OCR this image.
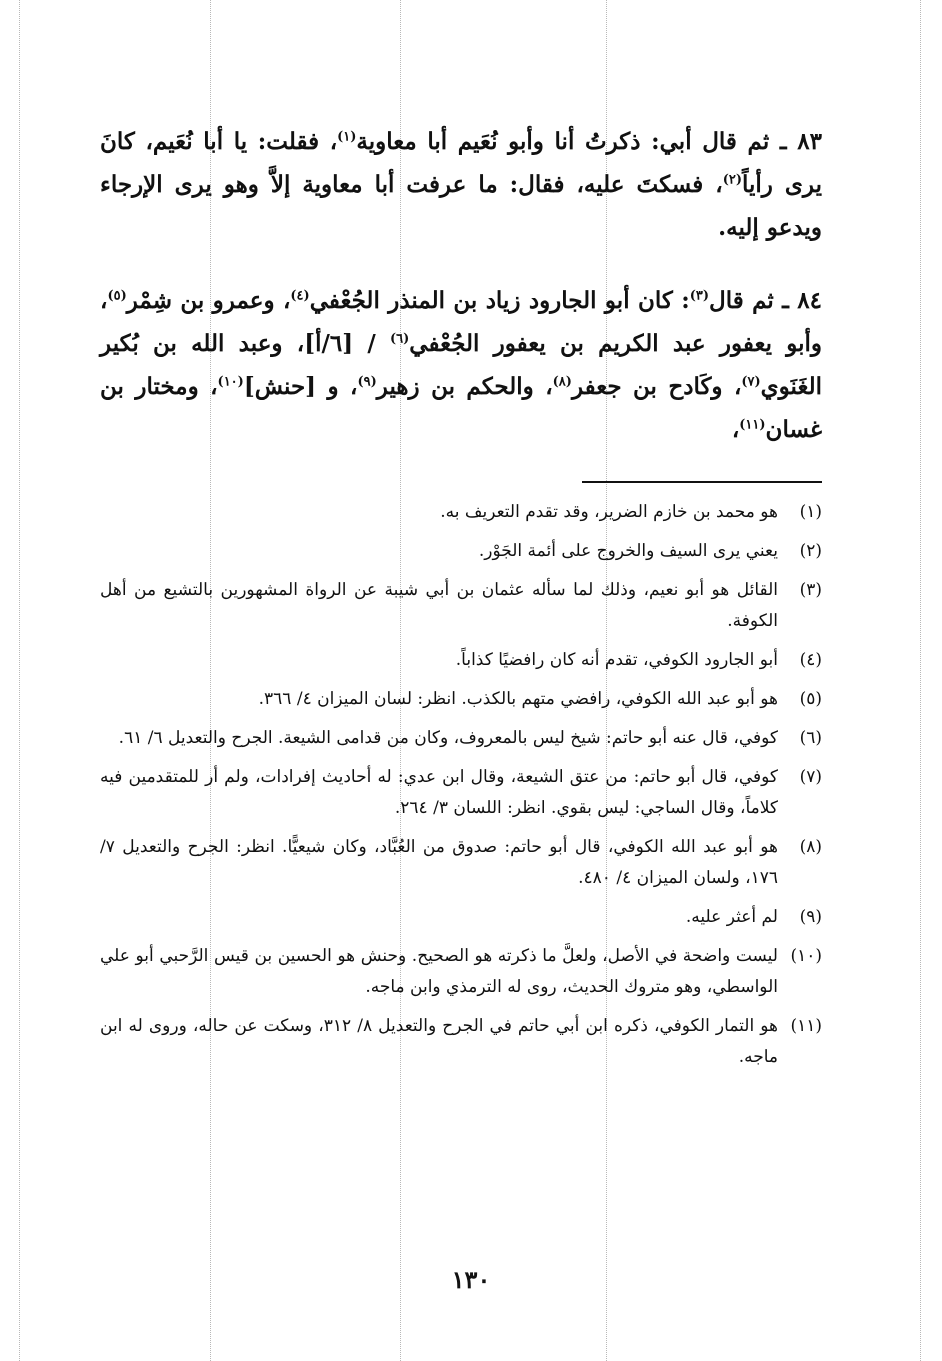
٨٣ ـ ثم قال أبي: ذكرتُ أنا وأبو نُعَيم أبا معاوية$^{(١)}$، فقلت: يا أبا نُعَيم، كانَ يرى رأياً$^{(٢)}$، فسكتَ عليه، فقال: ما عرفت أبا معاوية إلاَّ وهو يرى الإرجاء ويدعو إليه.

٨٤ ـ ثم قال$^{(٣)}$: كان أبو الجارود زياد بن المنذر الجُعْفي$^{(٤)}$، وعمرو بن شِمْر$^{(٥)}$، وأبو يعفور عبد الكريم بن يعفور الجُعْفي$^{(٦)}$ / [٦/أ]، وعبد الله بن بُكير الغَنَوي$^{(٧)}$، وكَادح بن جعفر$^{(٨)}$، والحكم بن زهير$^{(٩)}$، و [حنش]$^{(١٠)}$، ومختار بن غسان$^{(١١)}$،

(١)
هو محمد بن خازم الضرير، وقد تقدم التعريف به.
(٢)
يعني يرى السيف والخروج على أئمة الجَوْر.
(٣)
القائل هو أبو نعيم، وذلك لما سأله عثمان بن أبي شيبة عن الرواة المشهورين بالتشيع من أهل الكوفة.
(٤)
أبو الجارود الكوفي، تقدم أنه كان رافضيًا كذاباً.
(٥)
هو أبو عبد الله الكوفي، رافضي متهم بالكذب. انظر: لسان الميزان ٤/ ٣٦٦.
(٦)
كوفي، قال عنه أبو حاتم: شيخ ليس بالمعروف، وكان من قدامى الشيعة. الجرح والتعديل ٦/ ٦١.
(٧)
كوفي، قال أبو حاتم: من عتق الشيعة، وقال ابن عدي: له أحاديث إفرادات، ولم أر للمتقدمين فيه كلاماً، وقال الساجي: ليس بقوي. انظر: اللسان ٣/ ٢٦٤.
(٨)
هو أبو عبد الله الكوفي، قال أبو حاتم: صدوق من العُبَّاد، وكان شيعيًّا. انظر: الجرح والتعديل ٧/ ١٧٦، ولسان الميزان ٤/ ٤٨٠.
(٩)
لم أعثر عليه.
(١٠)
ليست واضحة في الأصل، ولعلَّ ما ذكرته هو الصحيح. وحنش هو الحسين بن قيس الرَّحبي أبو علي الواسطي، وهو متروك الحديث، روى له الترمذي وابن ماجه.
(١١)
هو التمار الكوفي، ذكره ابن أبي حاتم في الجرح والتعديل ٨/ ٣١٢، وسكت عن حاله، وروى له ابن ماجه.
١٣٠
